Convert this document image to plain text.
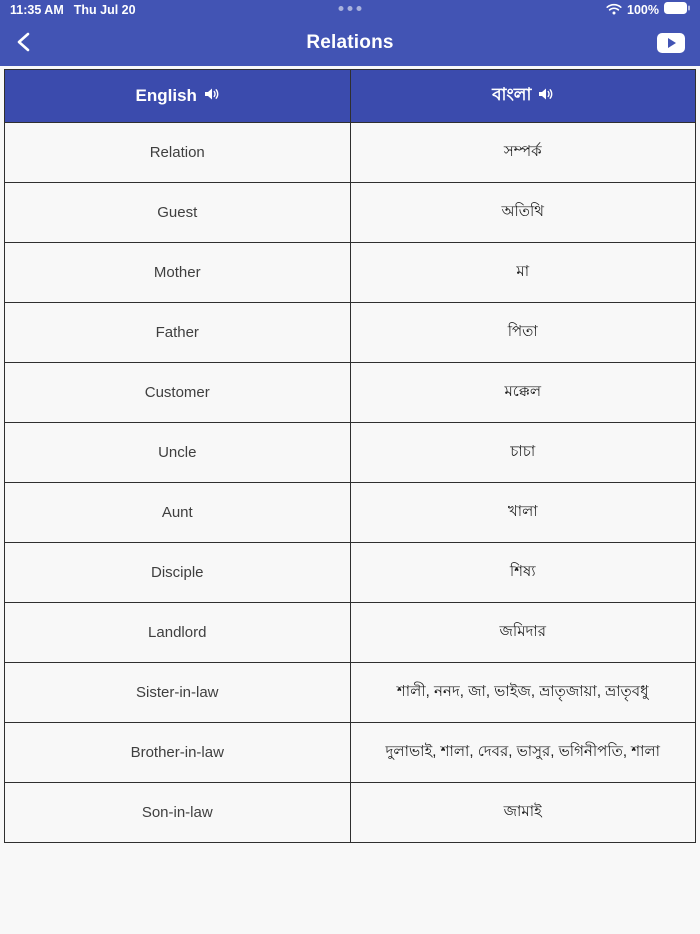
11:35 AM Thu Jul 20	100%
Relations
English	বাংলা

Relation	সম্পর্ক
Guest	অতিথি
Mother	মা
Father	পিতা
Customer	মক্কেল
Uncle	চাচা
Aunt	খালা
Disciple	শিষ্য
Landlord	জমিদার
Sister-in-law	শালী, ননদ, জা, ভাইজ, ভ্রাতৃজায়া, ভ্রাতৃবধু
Brother-in-law	দুলাভাই, শালা, দেবর, ভাসুর, ভগিনীপতি, শালা
Son-in-law	জামাই
